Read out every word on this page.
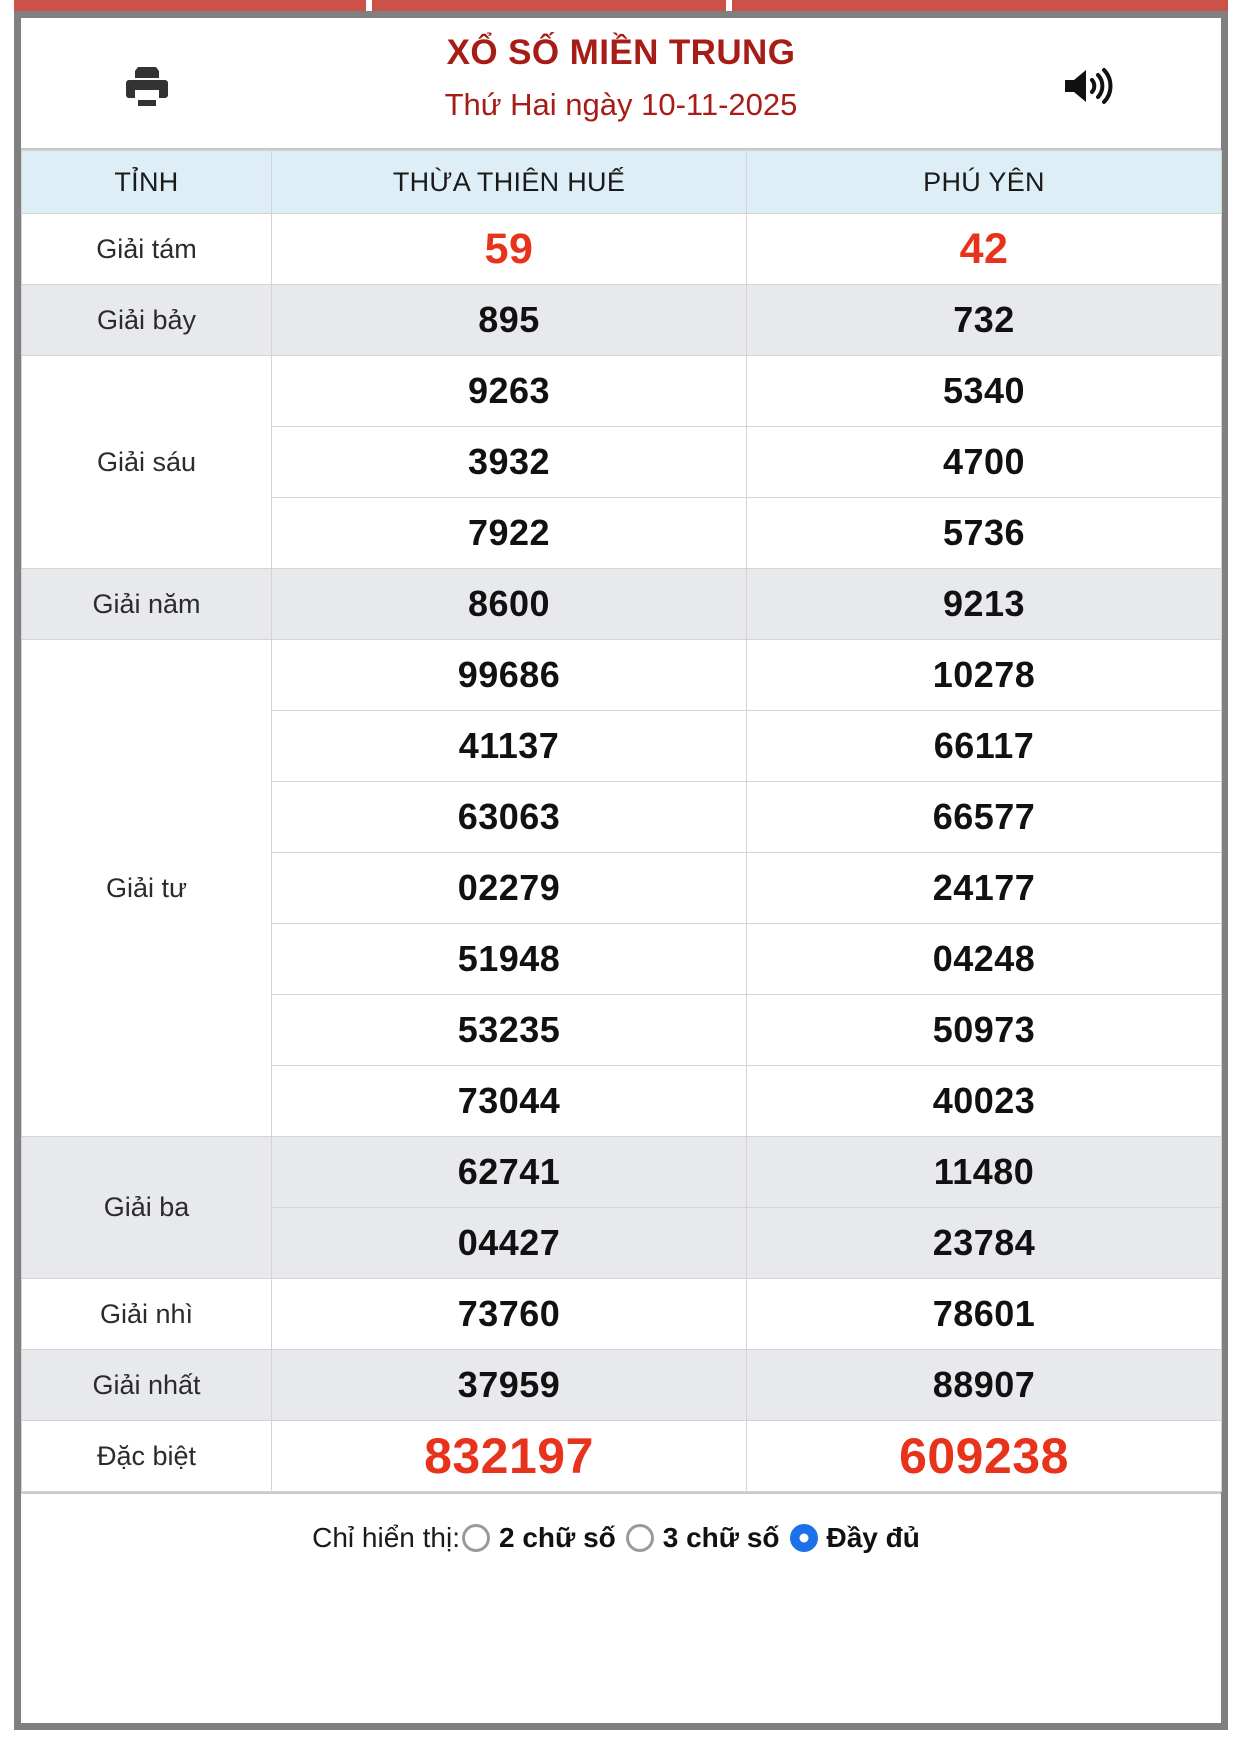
XỔ SỐ MIỀN TRUNG
Thứ Hai ngày 10-11-2025
TỈNH	THỪA THIÊN HUẾ	PHÚ YÊN
Giải tám	59	42
Giải bảy	895	732
Giải sáu	9263	5340
	3932	4700
	7922	5736
Giải năm	8600	9213
Giải tư	99686	10278
	41137	66117
	63063	66577
	02279	24177
	51948	04248
	53235	50973
	73044	40023
Giải ba	62741	11480
	04427	23784
Giải nhì	73760	78601
Giải nhất	37959	88907
Đặc biệt	832197	609238
Chỉ hiển thị: 2 chữ số 3 chữ số Đầy đủ
